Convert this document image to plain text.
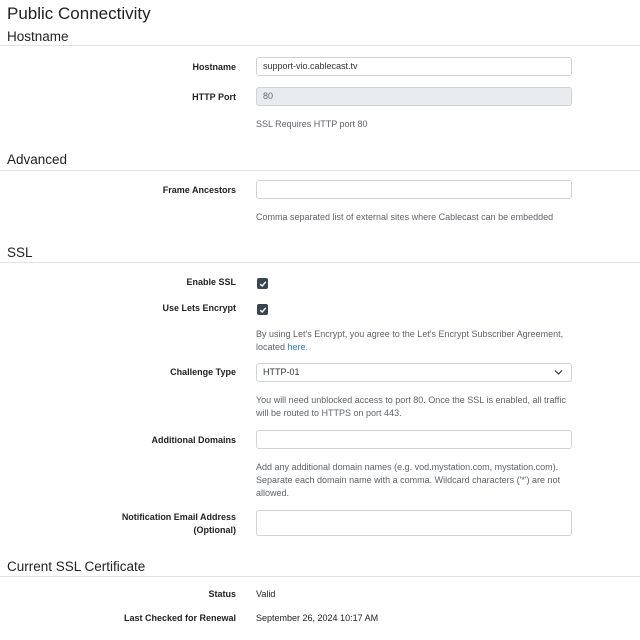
Public Connectivity
Hostname
Hostname	support-vio.cablecast.tv
HTTP Port	80
SSL Requires HTTP port 80
Advanced
Frame Ancestors
Comma separated list of external sites where Cablecast can be embedded
SSL
Enable SSL
Use Lets Encrypt
By using Let's Encrypt, you agree to the Let's Encrypt Subscriber Agreement,
located here.
Challenge Type	HTTP-01
You will need unblocked access to port 80. Once the SSL is enabled, all traffic
will be routed to HTTPS on port 443.
Additional Domains
Add any additional domain names (e.g. vod.mystation.com, mystation.com).
Separate each domain name with a comma. Wildcard characters ('*') are not
allowed.
Notification Email Address
(Optional)
Current SSL Certificate
Status Valid
Last Checked for Renewal September 26, 2024 10:17 AM
